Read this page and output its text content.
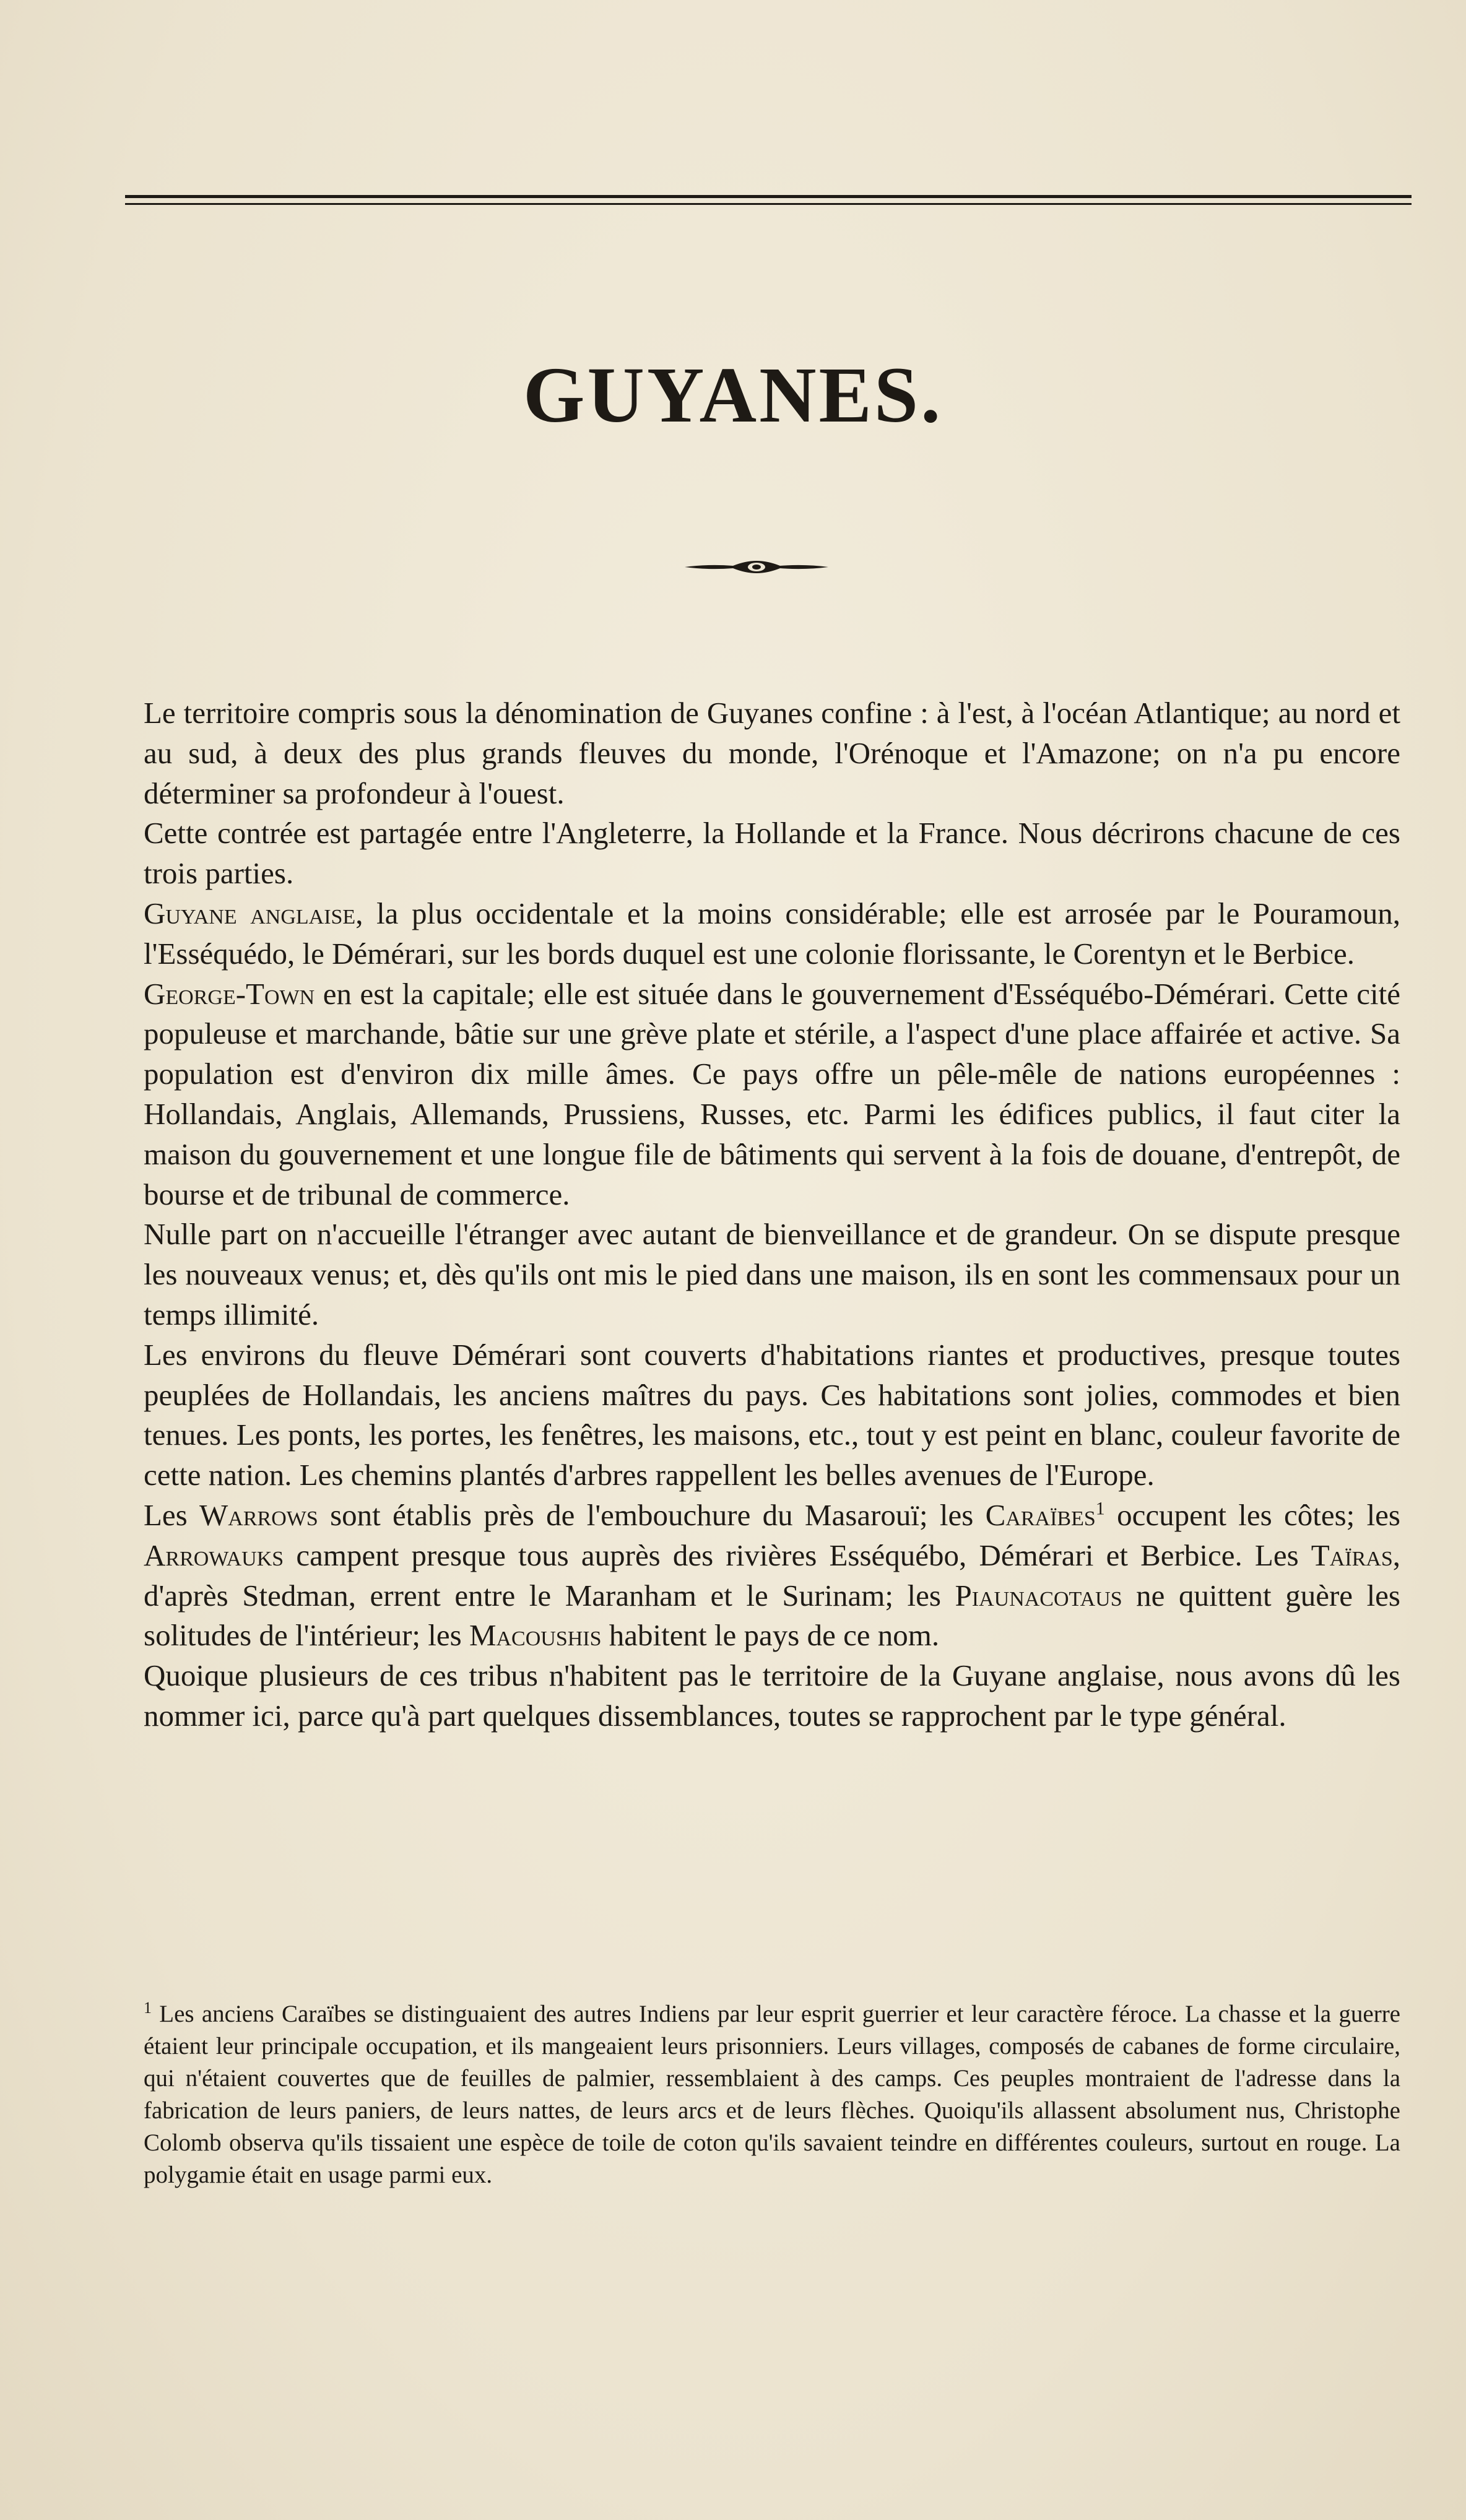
GUYANES.

Le territoire compris sous la dénomination de Guyanes confine : à l'est, à l'océan Atlantique; au nord et au sud, à deux des plus grands fleuves du monde, l'Orénoque et l'Amazone; on n'a pu encore déterminer sa profondeur à l'ouest.

Cette contrée est partagée entre l'Angleterre, la Hollande et la France. Nous décrirons chacune de ces trois parties.

Guyane anglaise, la plus occidentale et la moins considérable; elle est arrosée par le Pouramoun, l'Esséquédo, le Démérari, sur les bords duquel est une colonie florissante, le Corentyn et le Berbice.

George-Town en est la capitale; elle est située dans le gouvernement d'Esséquébo-Démérari. Cette cité populeuse et marchande, bâtie sur une grève plate et stérile, a l'aspect d'une place affairée et active. Sa population est d'environ dix mille âmes. Ce pays offre un pêle-mêle de nations européennes : Hollandais, Anglais, Allemands, Prussiens, Russes, etc. Parmi les édifices publics, il faut citer la maison du gouvernement et une longue file de bâtiments qui servent à la fois de douane, d'entrepôt, de bourse et de tribunal de commerce.

Nulle part on n'accueille l'étranger avec autant de bienveillance et de grandeur. On se dispute presque les nouveaux venus; et, dès qu'ils ont mis le pied dans une maison, ils en sont les commensaux pour un temps illimité.

Les environs du fleuve Démérari sont couverts d'habitations riantes et productives, presque toutes peuplées de Hollandais, les anciens maîtres du pays. Ces habitations sont jolies, commodes et bien tenues. Les ponts, les portes, les fenêtres, les maisons, etc., tout y est peint en blanc, couleur favorite de cette nation. Les chemins plantés d'arbres rappellent les belles avenues de l'Europe.

Les Warrows sont établis près de l'embouchure du Masarouï; les Caraïbes$^1$ occupent les côtes; les Arrowauks campent presque tous auprès des rivières Esséquébo, Démérari et Berbice. Les Taïras, d'après Stedman, errent entre le Maranham et le Surinam; les Piaunacotaus ne quittent guère les solitudes de l'intérieur; les Macoushis habitent le pays de ce nom.

Quoique plusieurs de ces tribus n'habitent pas le territoire de la Guyane anglaise, nous avons dû les nommer ici, parce qu'à part quelques dissemblances, toutes se rapprochent par le type général.

$^1$ Les anciens Caraïbes se distinguaient des autres Indiens par leur esprit guerrier et leur caractère féroce. La chasse et la guerre étaient leur principale occupation, et ils mangeaient leurs prisonniers. Leurs villages, composés de cabanes de forme circulaire, qui n'étaient couvertes que de feuilles de palmier, ressemblaient à des camps. Ces peuples montraient de l'adresse dans la fabrication de leurs paniers, de leurs nattes, de leurs arcs et de leurs flèches. Quoiqu'ils allassent absolument nus, Christophe Colomb observa qu'ils tissaient une espèce de toile de coton qu'ils savaient teindre en différentes couleurs, surtout en rouge. La polygamie était en usage parmi eux.
